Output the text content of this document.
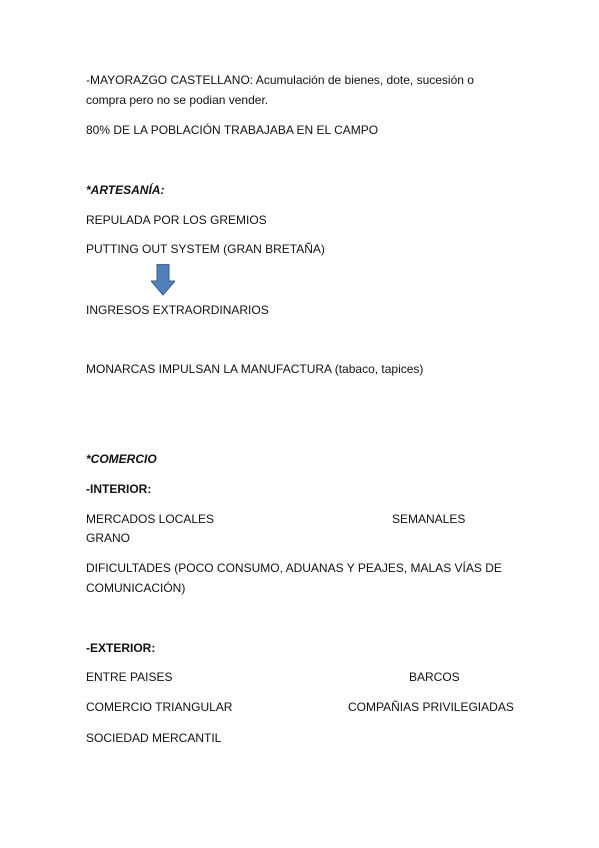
-MAYORAZGO CASTELLANO: Acumulación de bienes, dote, sucesión o
compra pero no se podian vender.
80% DE LA POBLACIÓN TRABAJABA EN EL CAMPO
*ARTESANÍA:
REPULADA POR LOS GREMIOS
PUTTING OUT SYSTEM (GRAN BRETAÑA)
INGRESOS EXTRAORDINARIOS
MONARCAS IMPULSAN LA MANUFACTURA (tabaco, tapices)
*COMERCIO
-INTERIOR:
MERCADOS LOCALES	SEMANALES
GRANO
DIFICULTADES (POCO CONSUMO, ADUANAS Y PEAJES, MALAS VÍAS DE
COMUNICACIÓN)
-EXTERIOR:
ENTRE PAISES	BARCOS
COMERCIO TRIANGULAR	COMPAÑIAS PRIVILEGIADAS
SOCIEDAD MERCANTIL
